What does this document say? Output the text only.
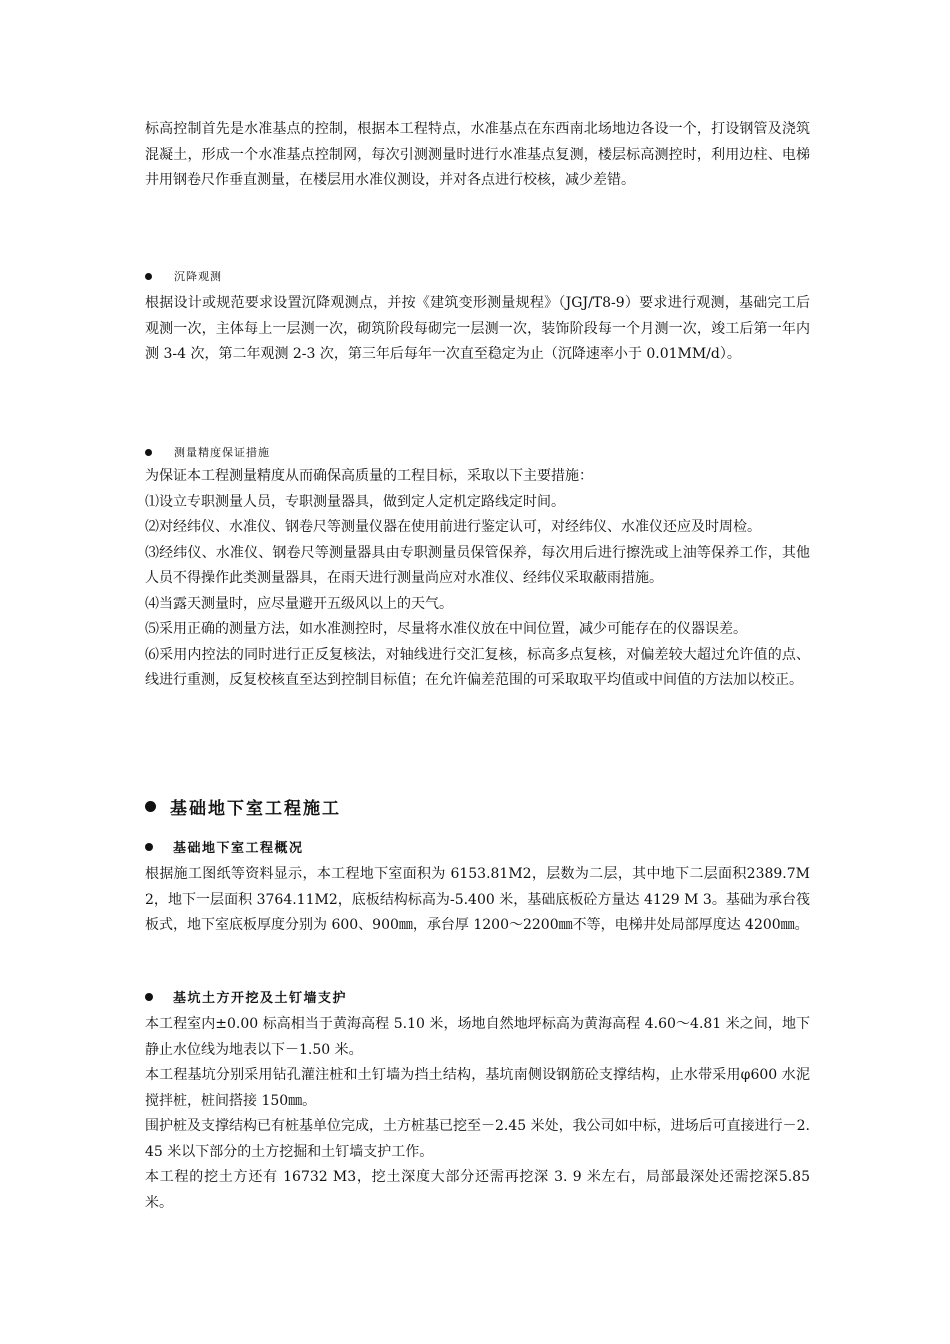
标高控制首先是水准基点的控制，根据本工程特点，水准基点在东西南北场地边各设一个，打设钢管及浇筑混凝土，形成一个水准基点控制网，每次引测测量时进行水准基点复测，楼层标高测控时，利用边柱、电梯井用钢卷尺作垂直测量，在楼层用水准仪测设，并对各点进行校核，减少差错。

沉降观测

根据设计或规范要求设置沉降观测点，并按《建筑变形测量规程》（JGJ/T8-9）要求进行观测，基础完工后观测一次，主体每上一层测一次，砌筑阶段每砌完一层测一次，装饰阶段每一个月测一次，竣工后第一年内测 3-4 次，第二年观测 2-3 次，第三年后每年一次直至稳定为止（沉降速率小于 0.01MM/d）。

测量精度保证措施

为保证本工程测量精度从而确保高质量的工程目标，采取以下主要措施：

⑴设立专职测量人员，专职测量器具，做到定人定机定路线定时间。

⑵对经纬仪、水准仪、钢卷尺等测量仪器在使用前进行鉴定认可，对经纬仪、水准仪还应及时周检。

⑶经纬仪、水准仪、钢卷尺等测量器具由专职测量员保管保养，每次用后进行擦洗或上油等保养工作，其他人员不得操作此类测量器具，在雨天进行测量尚应对水准仪、经纬仪采取蔽雨措施。

⑷当露天测量时，应尽量避开五级风以上的天气。

⑸采用正确的测量方法，如水准测控时，尽量将水准仪放在中间位置，减少可能存在的仪器误差。

⑹采用内控法的同时进行正反复核法，对轴线进行交汇复核，标高多点复核，对偏差较大超过允许值的点、线进行重测，反复校核直至达到控制目标值；在允许偏差范围的可采取取平均值或中间值的方法加以校正。

基础地下室工程施工
基础地下室工程概况

根据施工图纸等资料显示，本工程地下室面积为 6153.81M2，层数为二层，其中地下二层面积2389.7M2，地下一层面积 3764.11M2，底板结构标高为-5.400 米，基础底板砼方量达 4129 M 3。基础为承台筏板式，地下室底板厚度分别为 600、900㎜，承台厚 1200～2200㎜不等，电梯井处局部厚度达 4200㎜。

基坑土方开挖及土钉墙支护

本工程室内±0.00 标高相当于黄海高程 5.10 米，场地自然地坪标高为黄海高程 4.60～4.81 米之间，地下静止水位线为地表以下－1.50 米。

本工程基坑分别采用钻孔灌注桩和土钉墙为挡土结构，基坑南侧设钢筋砼支撑结构，止水带采用φ600 水泥搅拌桩，桩间搭接 150㎜。

围护桩及支撑结构已有桩基单位完成，土方桩基已挖至－2.45 米处，我公司如中标，进场后可直接进行－2.45 米以下部分的土方挖掘和土钉墙支护工作。

本工程的挖土方还有 16732 M3，挖土深度大部分还需再挖深 3. 9 米左右，局部最深处还需挖深5.85 米。
